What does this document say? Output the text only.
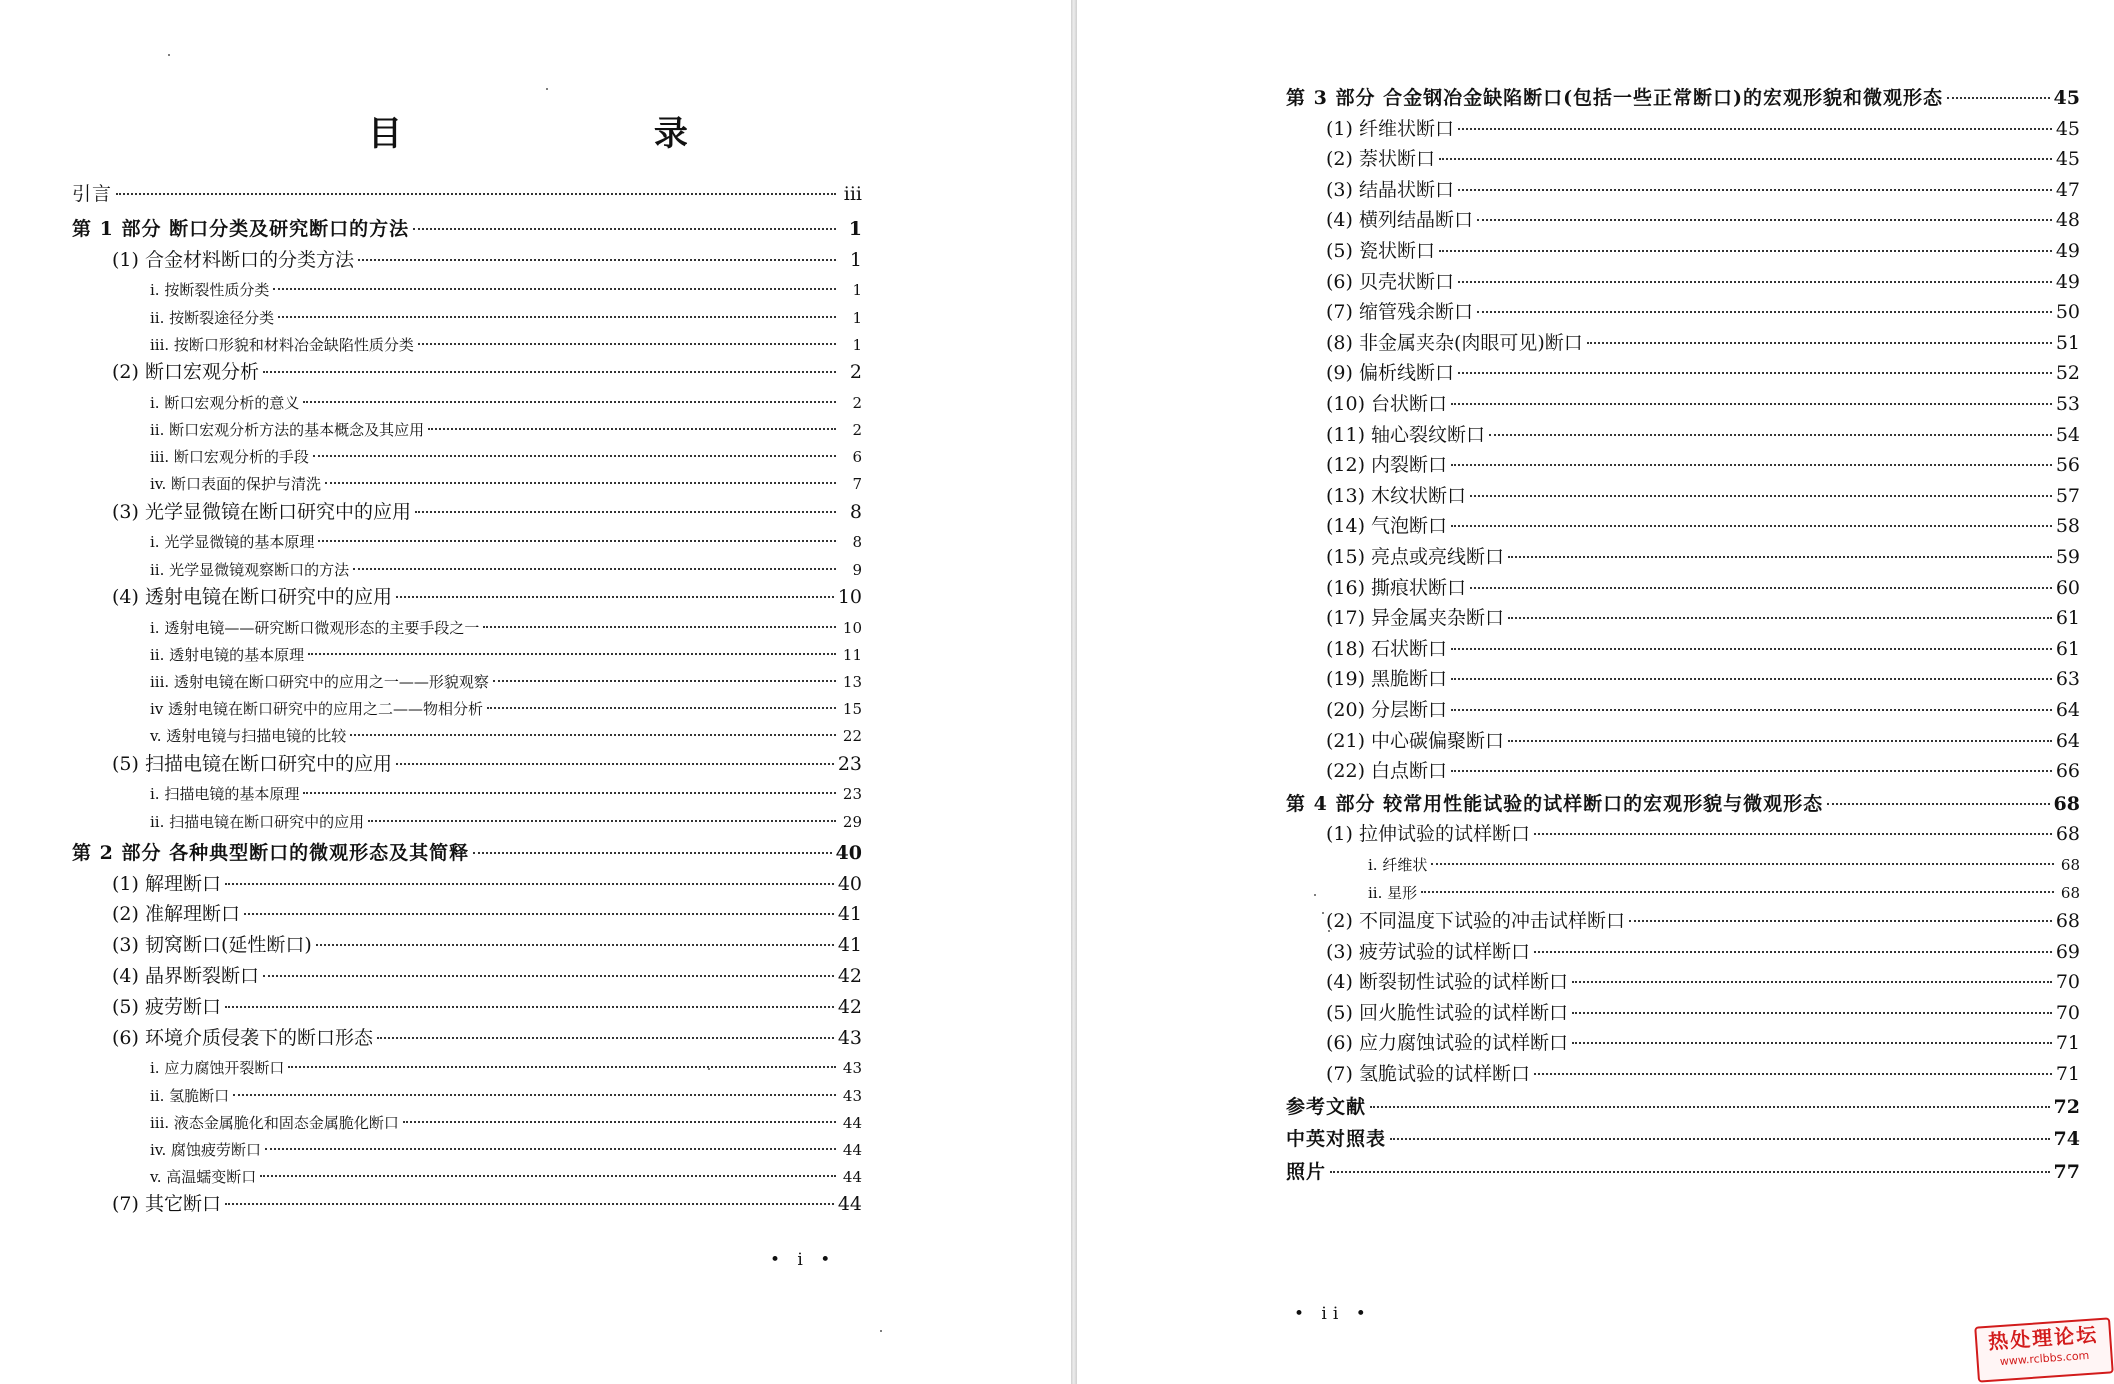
目 录
引言	iii
第 1 部分 断口分类及研究断口的方法	1
(1) 合金材料断口的分类方法	1
i. 按断裂性质分类	1
ii. 按断裂途径分类	1
iii. 按断口形貌和材料冶金缺陷性质分类	1
(2) 断口宏观分析	2
i. 断口宏观分析的意义	2
ii. 断口宏观分析方法的基本概念及其应用	2
iii. 断口宏观分析的手段	6
iv. 断口表面的保护与清洗	7
(3) 光学显微镜在断口研究中的应用	8
i. 光学显微镜的基本原理	8
ii. 光学显微镜观察断口的方法	9
(4) 透射电镜在断口研究中的应用	10
i. 透射电镜——研究断口微观形态的主要手段之一	10
ii. 透射电镜的基本原理	11
iii. 透射电镜在断口研究中的应用之一——形貌观察	13
iv 透射电镜在断口研究中的应用之二——物相分析	15
v. 透射电镜与扫描电镜的比较	22
(5) 扫描电镜在断口研究中的应用	23
i. 扫描电镜的基本原理	23
ii. 扫描电镜在断口研究中的应用	29
第 2 部分 各种典型断口的微观形态及其简释	40
(1) 解理断口	40
(2) 准解理断口	41
(3) 韧窝断口(延性断口)	41
(4) 晶界断裂断口	42
(5) 疲劳断口	42
(6) 环境介质侵袭下的断口形态	43
i. 应力腐蚀开裂断口	43
ii. 氢脆断口	43
iii. 液态金属脆化和固态金属脆化断口	44
iv. 腐蚀疲劳断口	44
v. 高温蠕变断口	44
(7) 其它断口	44
• i •
第 3 部分 合金钢冶金缺陷断口(包括一些正常断口)的宏观形貌和微观形态	45
(1) 纤维状断口	45
(2) 萘状断口	45
(3) 结晶状断口	47
(4) 横列结晶断口	48
(5) 瓷状断口	49
(6) 贝壳状断口	49
(7) 缩管残余断口	50
(8) 非金属夹杂(肉眼可见)断口	51
(9) 偏析线断口	52
(10) 台状断口	53
(11) 轴心裂纹断口	54
(12) 内裂断口	56
(13) 木纹状断口	57
(14) 气泡断口	58
(15) 亮点或亮线断口	59
(16) 撕痕状断口	60
(17) 异金属夹杂断口	61
(18) 石状断口	61
(19) 黑脆断口	63
(20) 分层断口	64
(21) 中心碳偏聚断口	64
(22) 白点断口	66
第 4 部分 较常用性能试验的试样断口的宏观形貌与微观形态	68
(1) 拉伸试验的试样断口	68
i. 纤维状	68
ii. 星形	68
(2) 不同温度下试验的冲击试样断口	68
(3) 疲劳试验的试样断口	69
(4) 断裂韧性试验的试样断口	70
(5) 回火脆性试验的试样断口	70
(6) 应力腐蚀试验的试样断口	71
(7) 氢脆试验的试样断口	71
参考文献	72
中英对照表	74
照片	77
• ii •
热处理论坛
www.rclbbs.com
